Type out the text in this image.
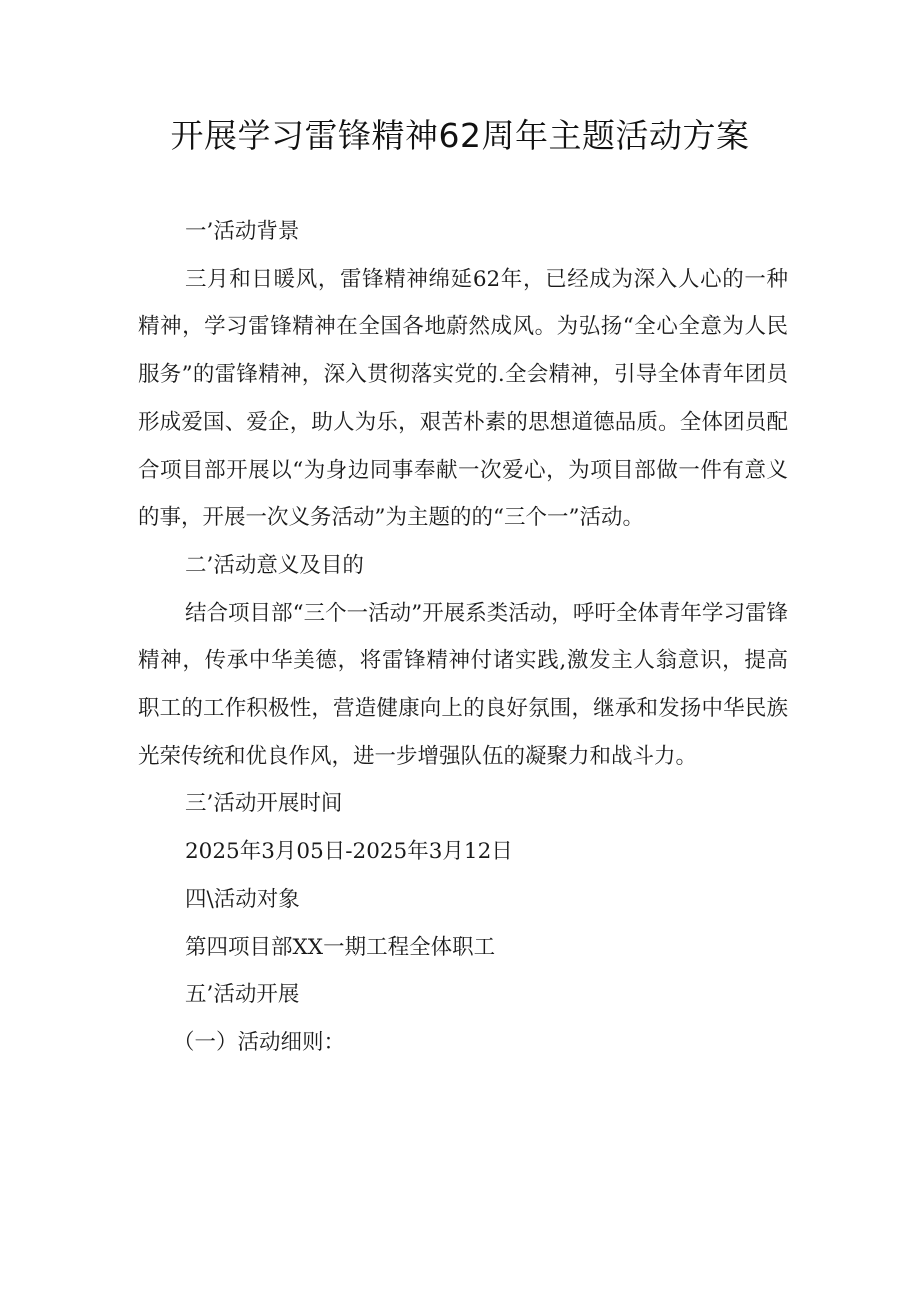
开展学习雷锋精神62周年主题活动方案

一’活动背景

三月和日暖风，雷锋精神绵延62年，已经成为深入人心的一种精神，学习雷锋精神在全国各地蔚然成风。为弘扬“全心全意为人民服务”的雷锋精神，深入贯彻落实党的.全会精神，引导全体青年团员形成爱国、爱企，助人为乐，艰苦朴素的思想道德品质。全体团员配合项目部开展以“为身边同事奉献一次爱心，为项目部做一件有意义的事，开展一次义务活动”为主题的的“三个一”活动。

二’活动意义及目的

结合项目部“三个一活动”开展系类活动，呼吁全体青年学习雷锋精神，传承中华美德，将雷锋精神付诸实践,激发主人翁意识，提高职工的工作积极性，营造健康向上的良好氛围，继承和发扬中华民族光荣传统和优良作风，进一步增强队伍的凝聚力和战斗力。

三’活动开展时间

2025年3月05日-2025年3月12日

四\活动对象

第四项目部XX一期工程全体职工

五’活动开展

（一）活动细则：
